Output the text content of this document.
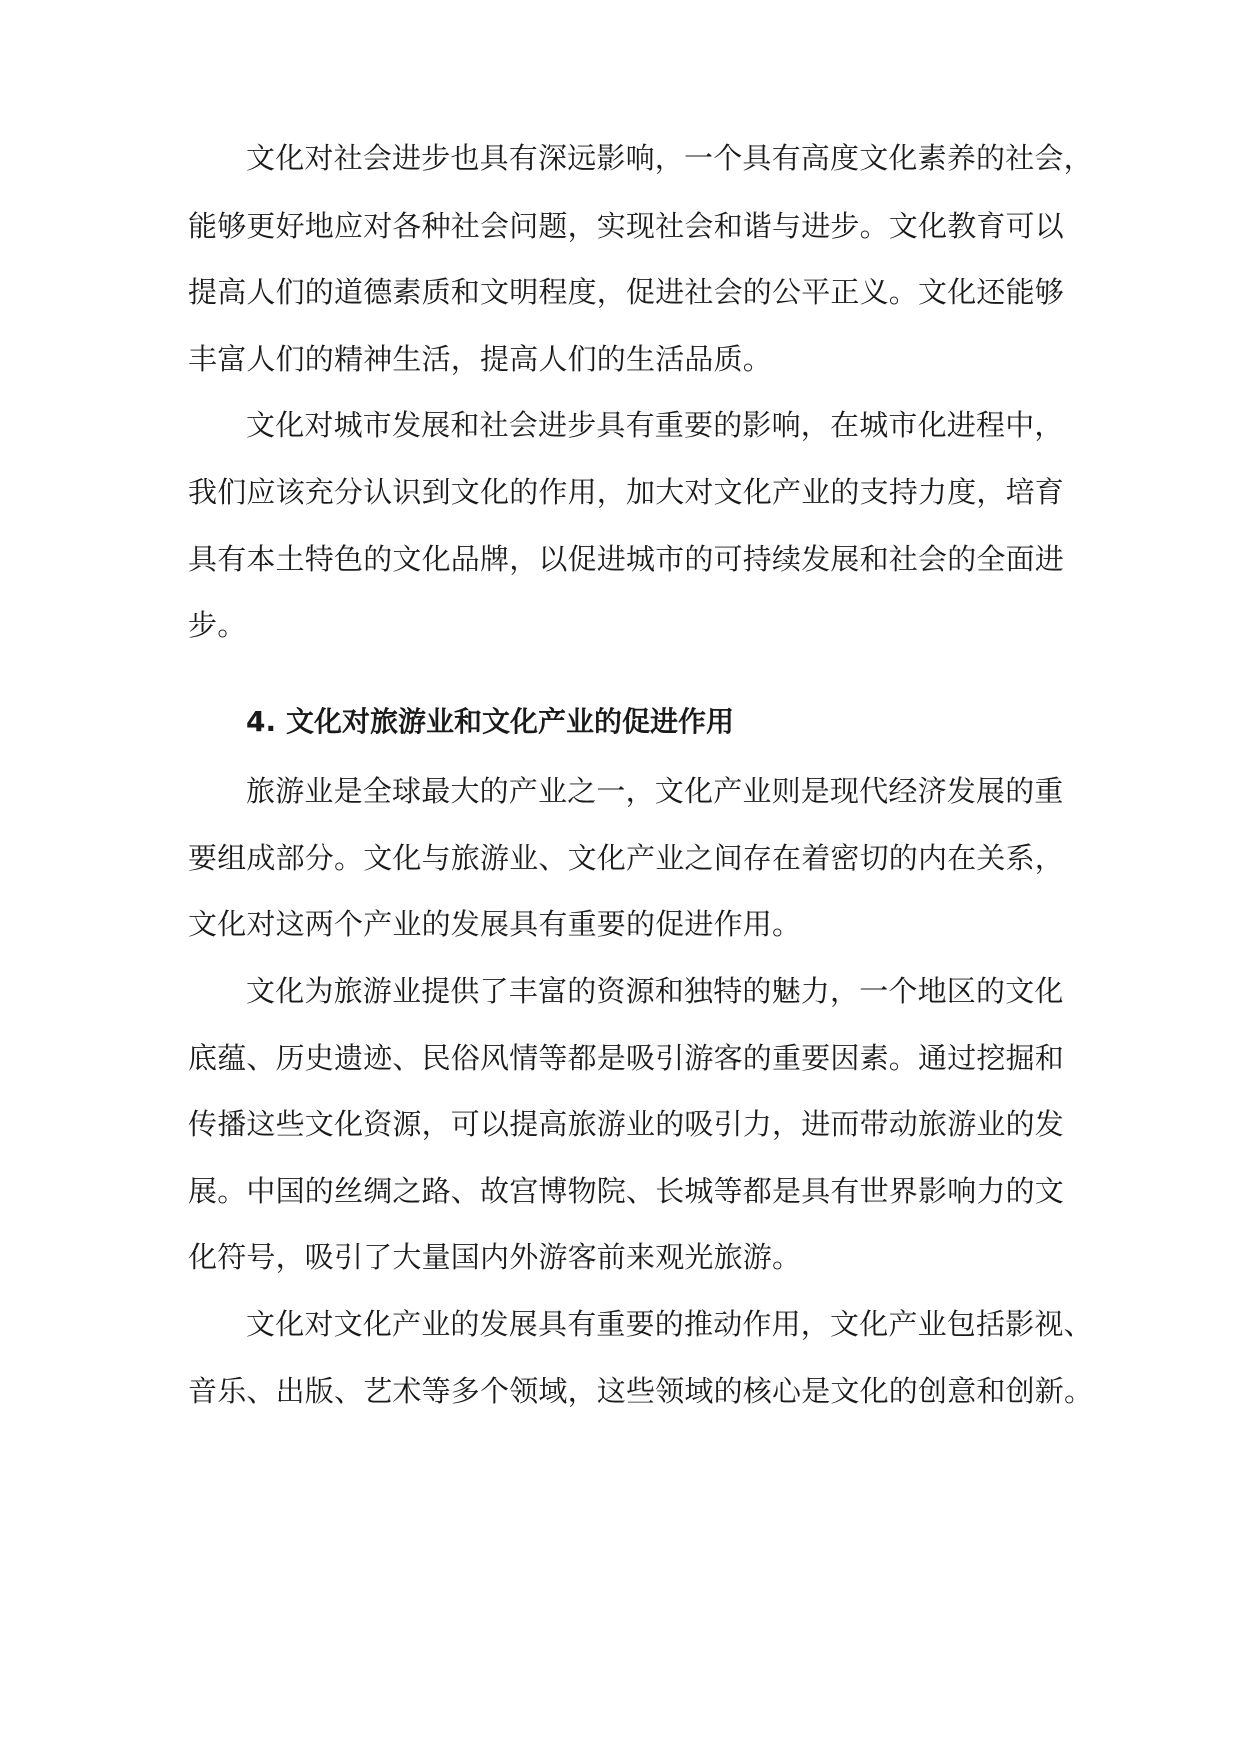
文化对社会进步也具有深远影响，一个具有高度文化素养的社会，
能够更好地应对各种社会问题，实现社会和谐与进步。文化教育可以
提高人们的道德素质和文明程度，促进社会的公平正义。文化还能够
丰富人们的精神生活，提高人们的生活品质。
文化对城市发展和社会进步具有重要的影响，在城市化进程中，
我们应该充分认识到文化的作用，加大对文化产业的支持力度，培育
具有本土特色的文化品牌，以促进城市的可持续发展和社会的全面进
步。
4. 文化对旅游业和文化产业的促进作用
旅游业是全球最大的产业之一，文化产业则是现代经济发展的重
要组成部分。文化与旅游业、文化产业之间存在着密切的内在关系，
文化对这两个产业的发展具有重要的促进作用。
文化为旅游业提供了丰富的资源和独特的魅力，一个地区的文化
底蕴、历史遗迹、民俗风情等都是吸引游客的重要因素。通过挖掘和
传播这些文化资源，可以提高旅游业的吸引力，进而带动旅游业的发
展。中国的丝绸之路、故宫博物院、长城等都是具有世界影响力的文
化符号，吸引了大量国内外游客前来观光旅游。
文化对文化产业的发展具有重要的推动作用，文化产业包括影视、
音乐、出版、艺术等多个领域，这些领域的核心是文化的创意和创新。
